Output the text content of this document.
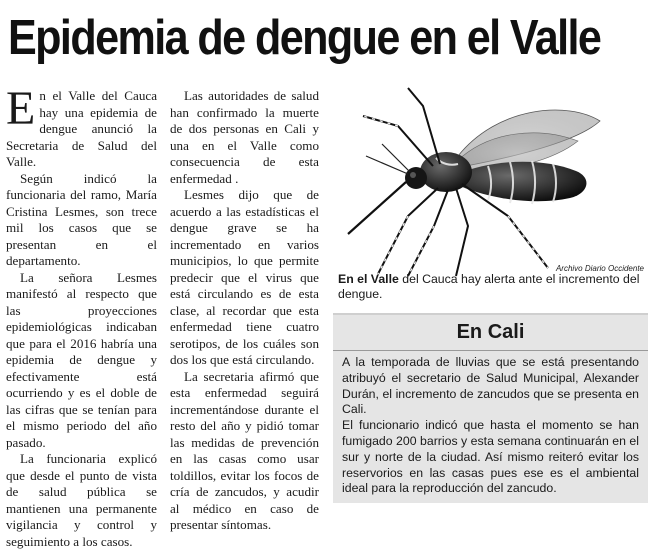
Epidemia de dengue en el Valle

En el Valle del Cauca hay una epidemia de dengue anunció la Secretaria de Salud del Valle.

Según indicó la funcionaria del ramo, María Cristina Lesmes, son trece mil los casos que se presentan en el departamento.

La señora Lesmes manifestó al respecto que las proyecciones epidemiológicas indicaban que para el 2016 habría una epidemia de dengue y efectivamente está ocurriendo y es el doble de las cifras que se tenían para el mismo periodo del año pasado.

La funcionaria explicó que desde el punto de vista de salud pública se mantienen una permanente vigilancia y control y seguimiento a los casos.

Las autoridades de salud han confirmado la muerte de dos personas en Cali y una en el Valle como consecuencia de esta enfermedad .

Lesmes dijo que de acuerdo a las estadísticas el dengue grave se ha incrementado en varios municipios, lo que permite predecir que el virus que está circulando es de esta clase, al recordar que esta enfermedad tiene cuatro serotipos, de los cuáles son dos los que está circulando.

La secretaria afirmó que esta enfermedad seguirá incrementándose durante el resto del año y pidió tomar las medidas de prevención en las casas como usar toldillos, evitar los focos de cría de zancudos, y acudir al médico en caso de presentar síntomas.

Archivo Diario Occidente
En el Valle del Cauca hay alerta ante el incremento del dengue.
En Cali

A la temporada de lluvias que se está presentando atribuyó el secretario de Salud Municipal, Alexander Durán, el incremento de zancudos que se presenta en Cali.

El funcionario indicó que hasta el momento se han fumigado 200 barrios y esta semana continuarán en el sur y norte de la ciudad. Así mismo reiteró evitar los reservorios en las casas pues ese es el ambiental ideal para la reproducción del zancudo.
